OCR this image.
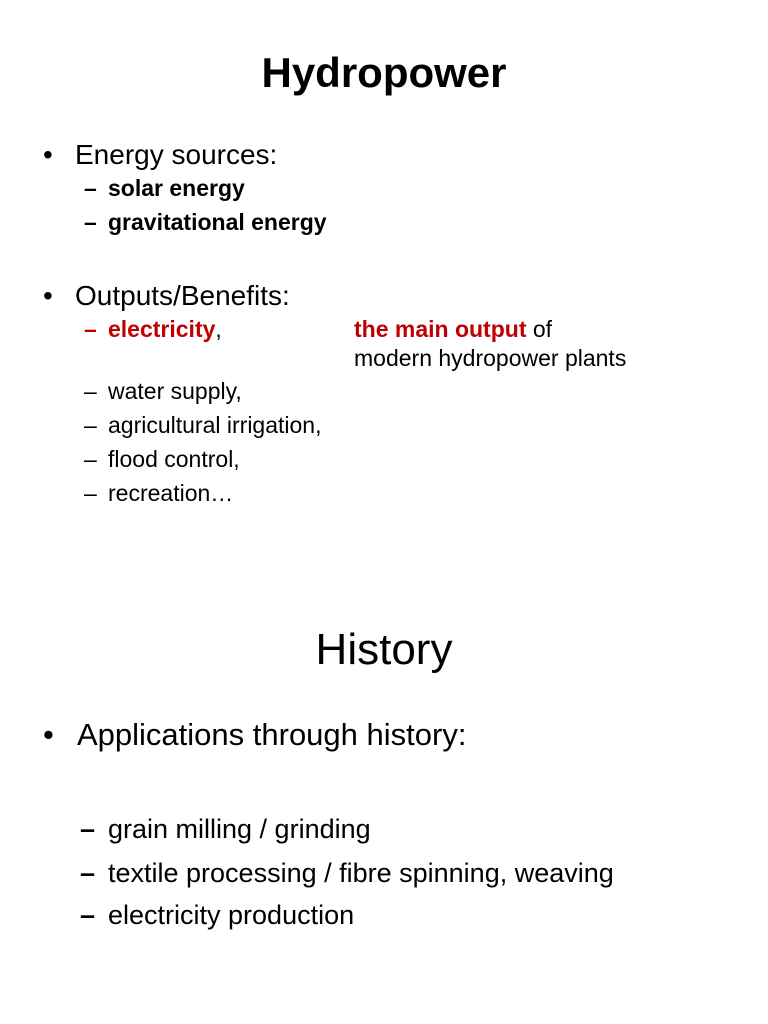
Hydropower
• Energy sources:
– solar energy
– gravitational energy
• Outputs/Benefits:
– electricity,	the main output of
modern hydropower plants
– water supply,
– agricultural irrigation,
– flood control,
– recreation…
History
• Applications through history:
– grain milling / grinding
– textile processing / fibre spinning, weaving
– electricity production
